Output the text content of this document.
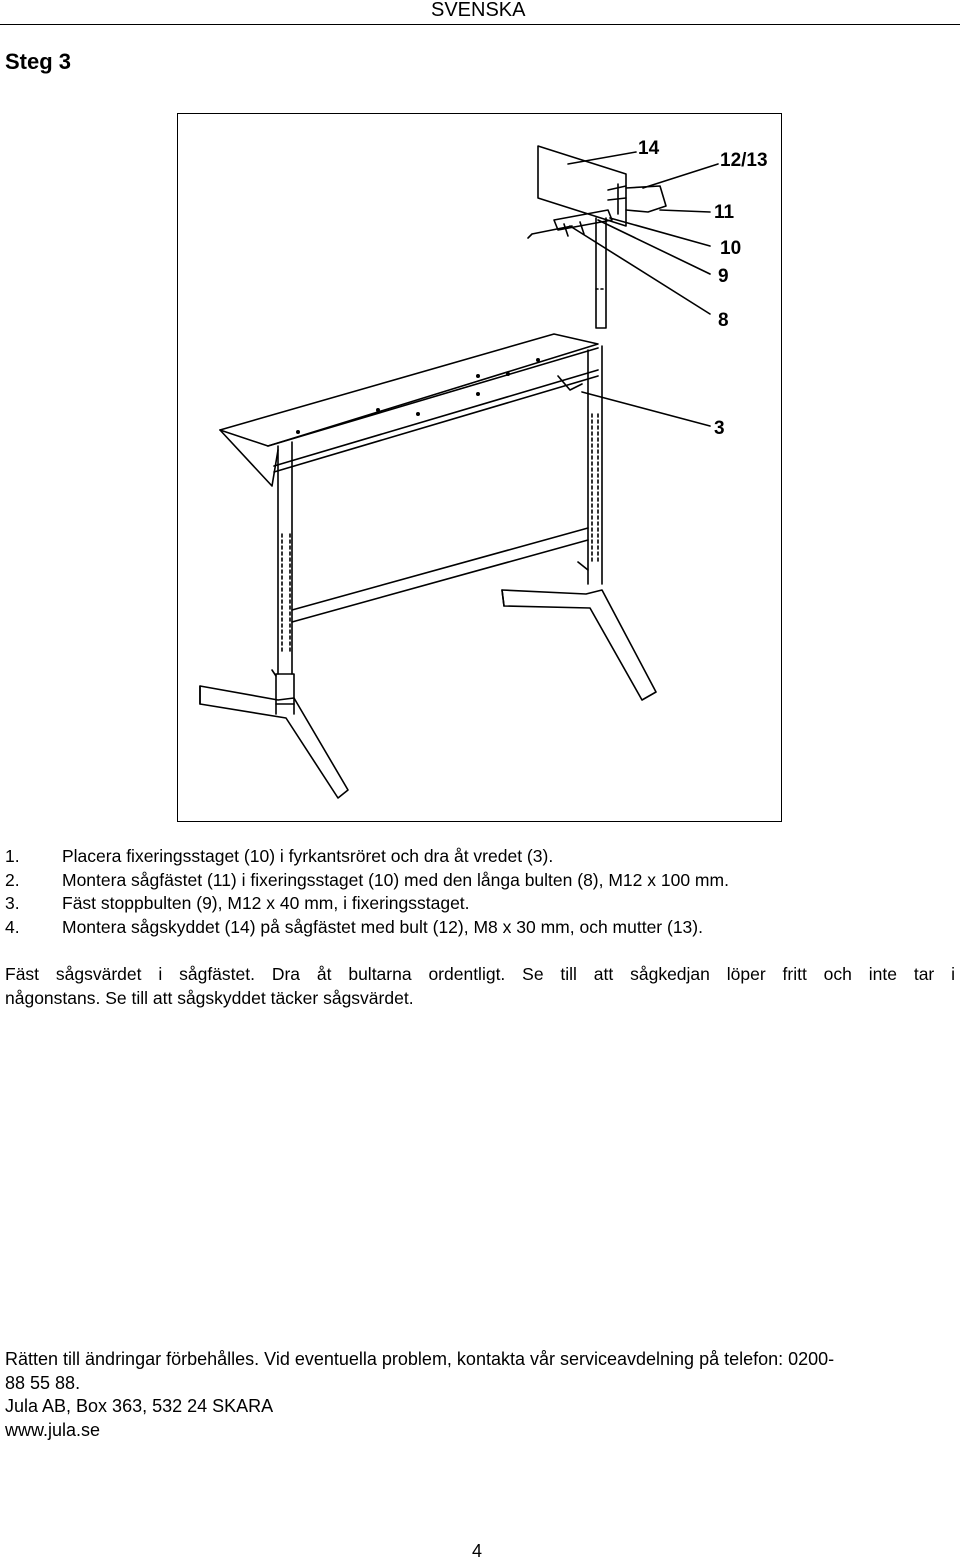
SVENSKA
Steg 3
14
12/13
11
10
9
8
3
1.	Placera fixeringsstaget (10) i fyrkantsröret och dra åt vredet (3).
2.	Montera sågfästet (11) i fixeringsstaget (10) med den långa bulten (8), M12 x 100 mm.
3.	Fäst stoppbulten (9), M12 x 40 mm, i fixeringsstaget.
4.	Montera sågskyddet (14) på sågfästet med bult (12), M8 x 30 mm, och mutter (13).
Fäst sågsvärdet i sågfästet. Dra åt bultarna ordentligt. Se till att sågkedjan löper fritt och inte tar i
någonstans. Se till att sågskyddet täcker sågsvärdet.

Rätten till ändringar förbehålles. Vid eventuella problem, kontakta vår serviceavdelning på telefon: 0200-

88 55 88.

Jula AB, Box 363, 532 24 SKARA

www.jula.se

4
